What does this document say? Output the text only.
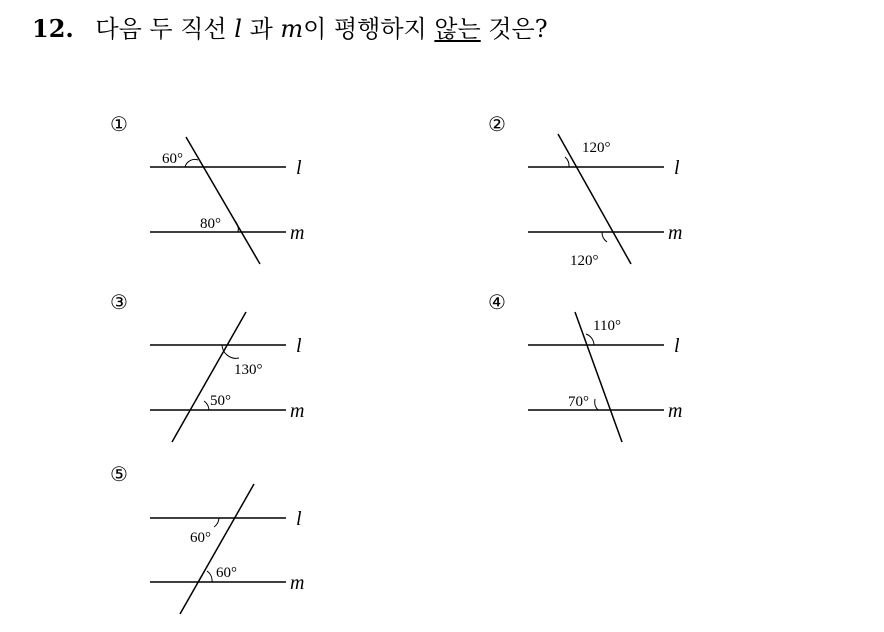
12. 다음 두 직선 l 과 m이 평행하지 않는 것은?
①
60°
80°
l
m
②
120°
120°
l
m
③
130°
50°
l
m
④
110°
70°
l
m
⑤
60°
60°
l
m
